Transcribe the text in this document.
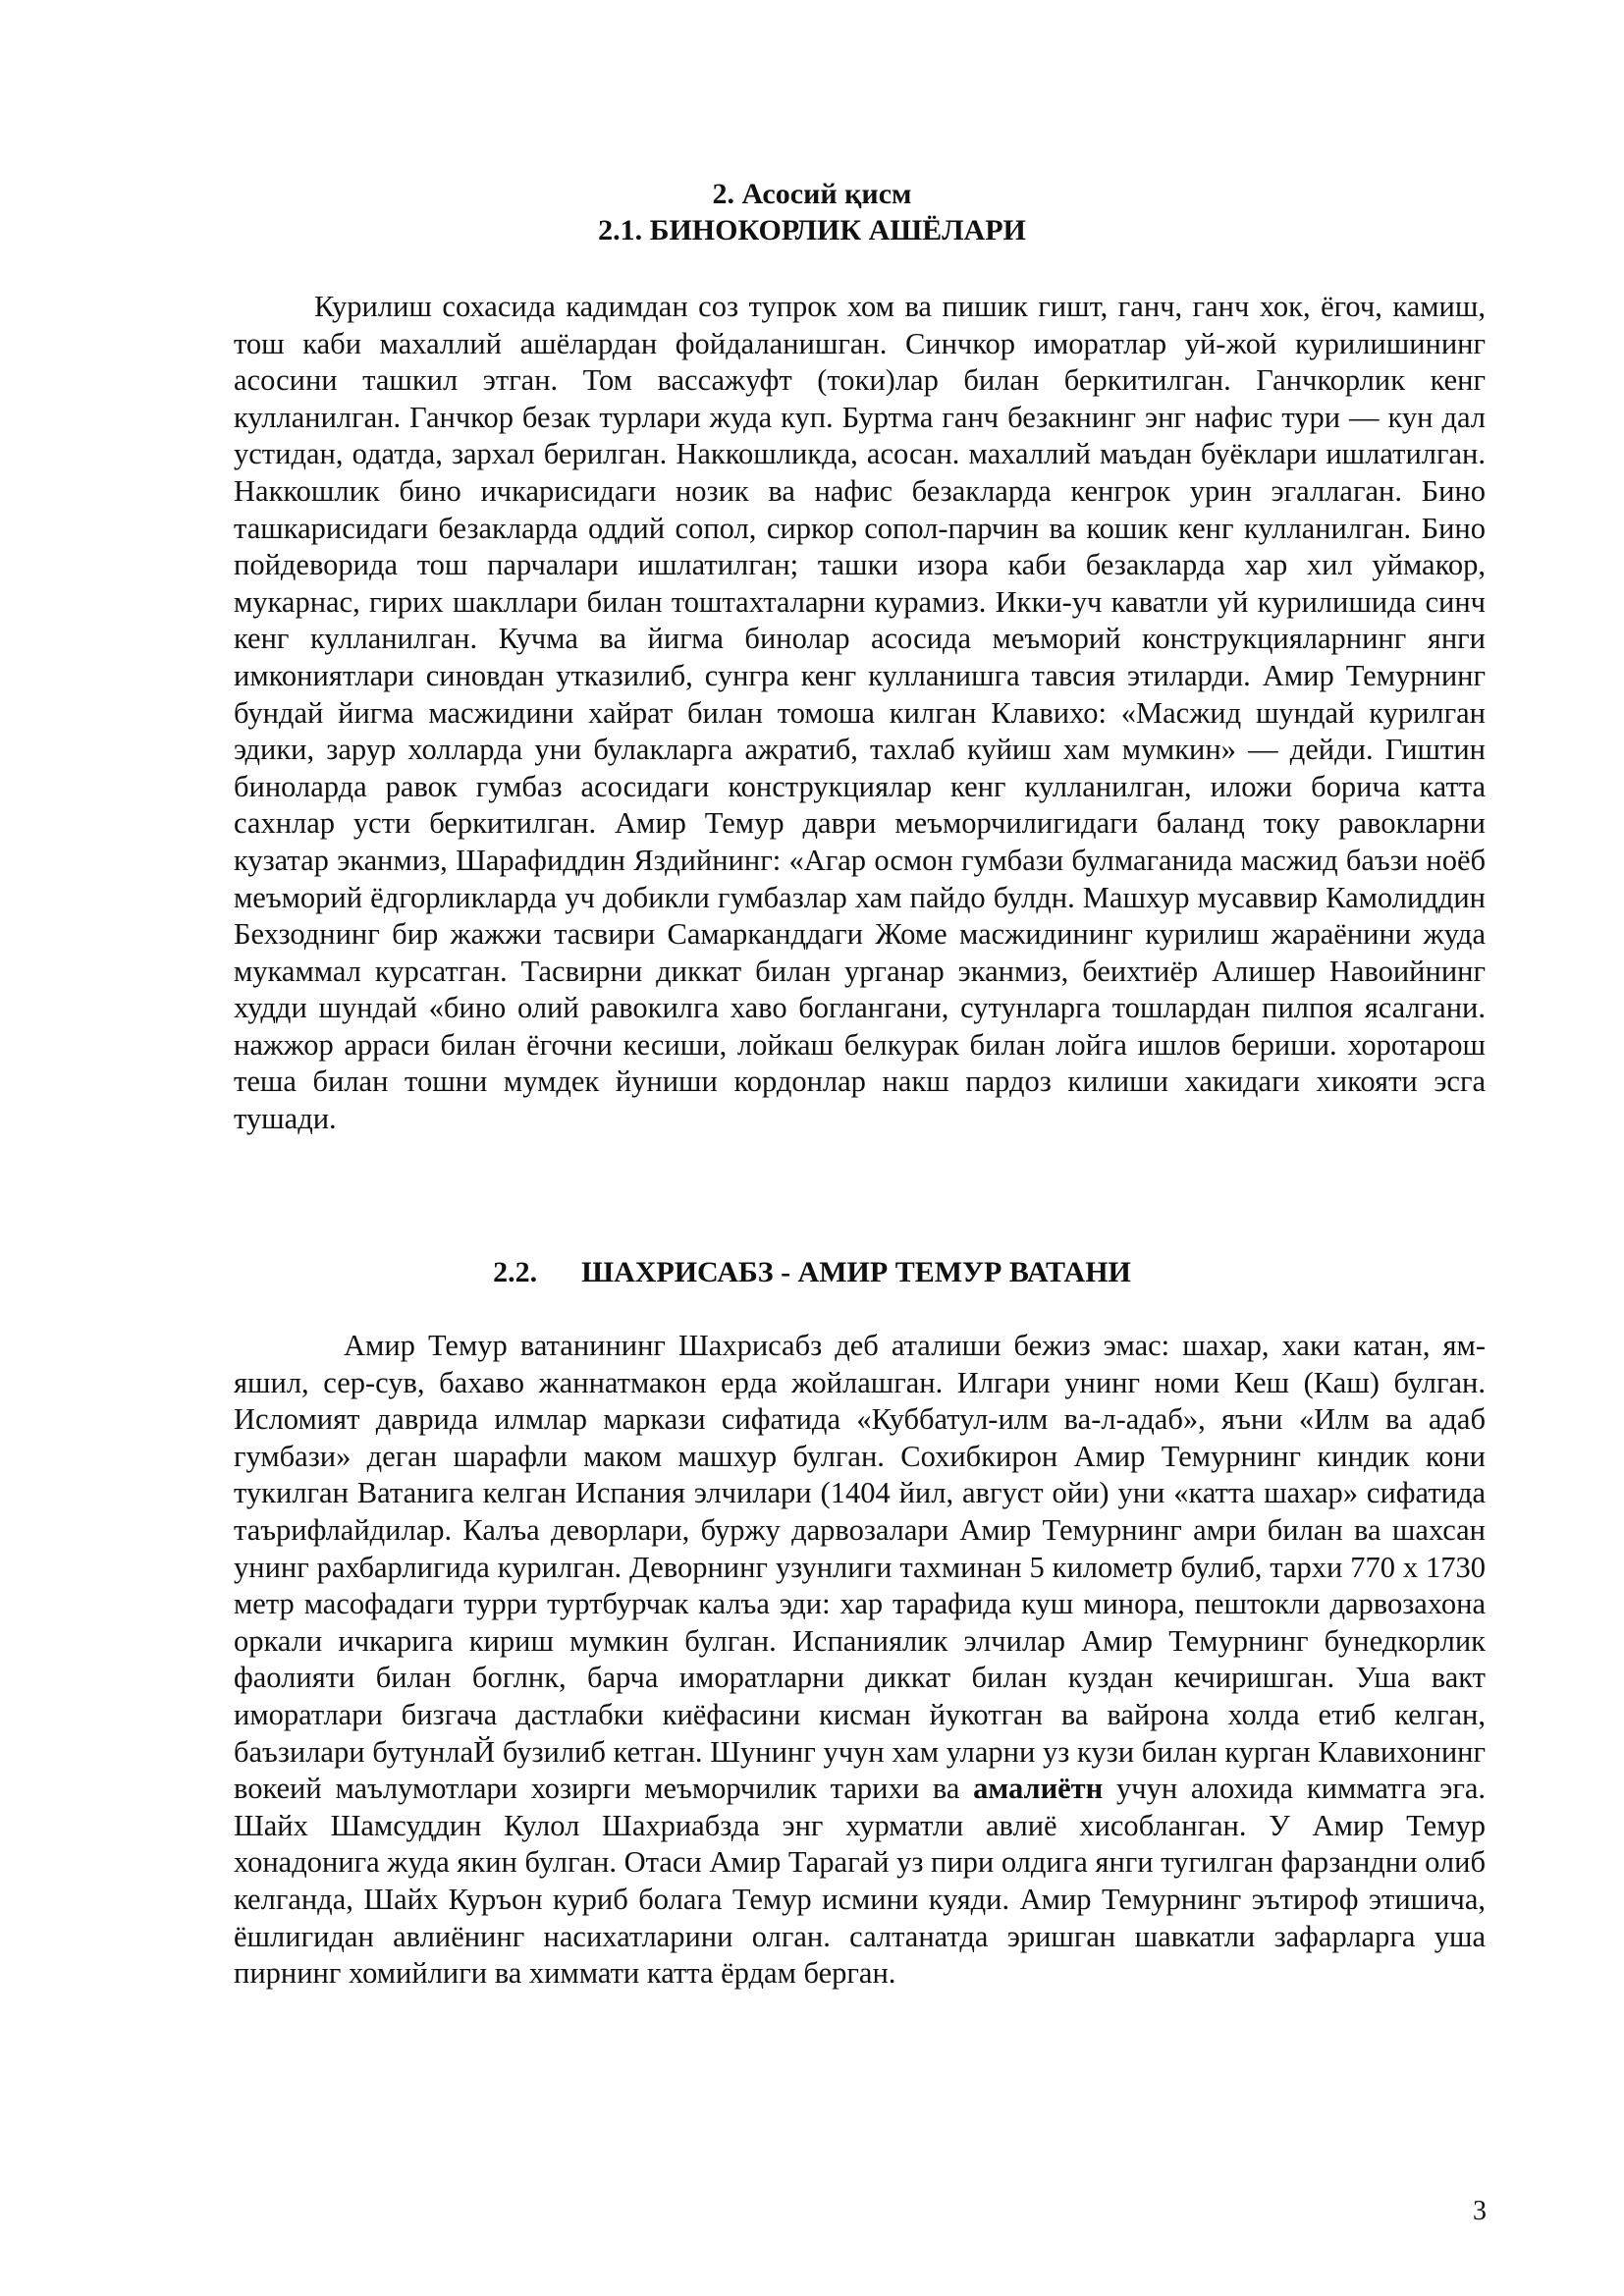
2. Асосий қисм
2.1. БИНОКОРЛИК АШЁЛАРИ

Курилиш сохасида кадимдан соз тупрок хом ва пишик гишт, ганч, ганч хок, ёгоч, камиш, тош каби махаллий ашёлардан фойдаланишган. Синчкор иморатлар уй-жой курилишининг асосини ташкил этган. Том вассажуфт (токи)лар билан беркитилган. Ганчкорлик кенг кулланилган. Ганчкор безак турлари жуда куп. Буртма ганч безакнинг энг нафис тури — кун дал устидан, одатда, зархал берилган. Наккошликда, асосан. махаллий маъдан буёклари ишлатилган. Наккошлик бино ичкарисидаги нозик ва нафис безакларда кенгрок урин эгаллаган. Бино ташкарисидаги безакларда оддий сопол, сиркор сопол-парчин ва кошик кенг кулланилган. Бино пойдеворида тош парчалари ишлатилган; ташки изора каби безакларда хар хил уймакор, мукарнас, гирих шакллари билан тоштахталарни курамиз. Икки-уч каватли уй курилишида синч кенг кулланилган. Кучма ва йигма бинолар асосида меъморий конструкцияларнинг янги имкониятлари синовдан утказилиб, сунгра кенг кулланишга тавсия этиларди. Амир Темурнинг бундай йигма масжидини хайрат билан томоша килган Клавихо: «Масжид шундай курилган эдики, зарур холларда уни булакларга ажратиб, тахлаб куйиш хам мумкин» — дейди. Гиштин биноларда равок гумбаз асосидаги конструкциялар кенг кулланилган, иложи борича катта сахнлар усти беркитилган. Амир Темур даври меъморчилигидаги баланд току равокларни кузатар эканмиз, Шарафиддин Яздийнинг: «Агар осмон гумбази булмаганида масжид баъзи ноёб меъморий ёдгорликларда уч добикли гумбазлар хам пайдо булдн. Машхур мусаввир Камолиддин Бехзоднинг бир жажжи тасвири Самарканддаги Жоме масжидининг курилиш жараёнини жуда мукаммал курсатган. Тасвирни диккат билан урганар эканмиз, беихтиёр Алишер Навоийнинг худди шундай «бино олий равокилга хаво боглангани, сутунларга тошлардан пилпоя ясалгани. нажжор арраси билан ёгочни кесиши, лойкаш белкурак билан лойга ишлов бериши. хоротарош теша билан тошни мумдек йуниши кордонлар накш пардоз килиши хакидаги хикояти эсга тушади.

2.2. ШАХРИСАБЗ - АМИР ТЕМУР ВАТАНИ

Амир Темур ватанининг Шахрисабз деб аталиши бежиз эмас: шахар, хаки катан, ям-яшил, сер-сув, бахаво жаннатмакон ерда жойлашган. Илгари унинг номи Кеш (Каш) булган. Исломият даврида илмлар маркази сифатида «Куббатул-илм ва-л-адаб», яъни «Илм ва адаб гумбази» деган шарафли маком машхур булган. Сохибкирон Амир Темурнинг киндик кони тукилган Ватанига келган Испания элчилари (1404 йил, август ойи) уни «катта шахар» сифатида таърифлайдилар. Калъа деворлари, буржу дарвозалари Амир Темурнинг амри билан ва шахсан унинг рахбарлигида курилган. Деворнинг узунлиги тахминан 5 километр булиб, тархи 770 х 1730 метр масофадаги турри туртбурчак калъа эди: хар тарафида куш минора, пештокли дарвозахона оркали ичкарига кириш мумкин булган. Испаниялик элчилар Амир Темурнинг бунедкорлик фаолияти билан боглнк, барча иморатларни диккат билан куздан кечиришган. Уша вакт иморатлари бизгача дастлабки киёфасини кисман йукотган ва вайрона холда етиб келган, баъзилари бутунлаЙ бузилиб кетган. Шунинг учун хам уларни уз кузи билан курган Клавихонинг вокеий маълумотлари хозирги меъморчилик тарихи ва амалиётн учун алохида кимматга эга. Шайх Шамсуддин Кулол Шахриабзда энг хурматли авлиё хисобланган. У Амир Темур хонадонига жуда якин булган. Отаси Амир Тарагай уз пири олдига янги тугилган фарзандни олиб келганда, Шайх Куръон куриб болага Темур исмини куяди. Амир Темурнинг эътироф этишича, ёшлигидан авлиёнинг насихатларини олган. салтанатда эришган шавкатли зафарларга уша пирнинг хомийлиги ва химмати катта ёрдам берган.

3
